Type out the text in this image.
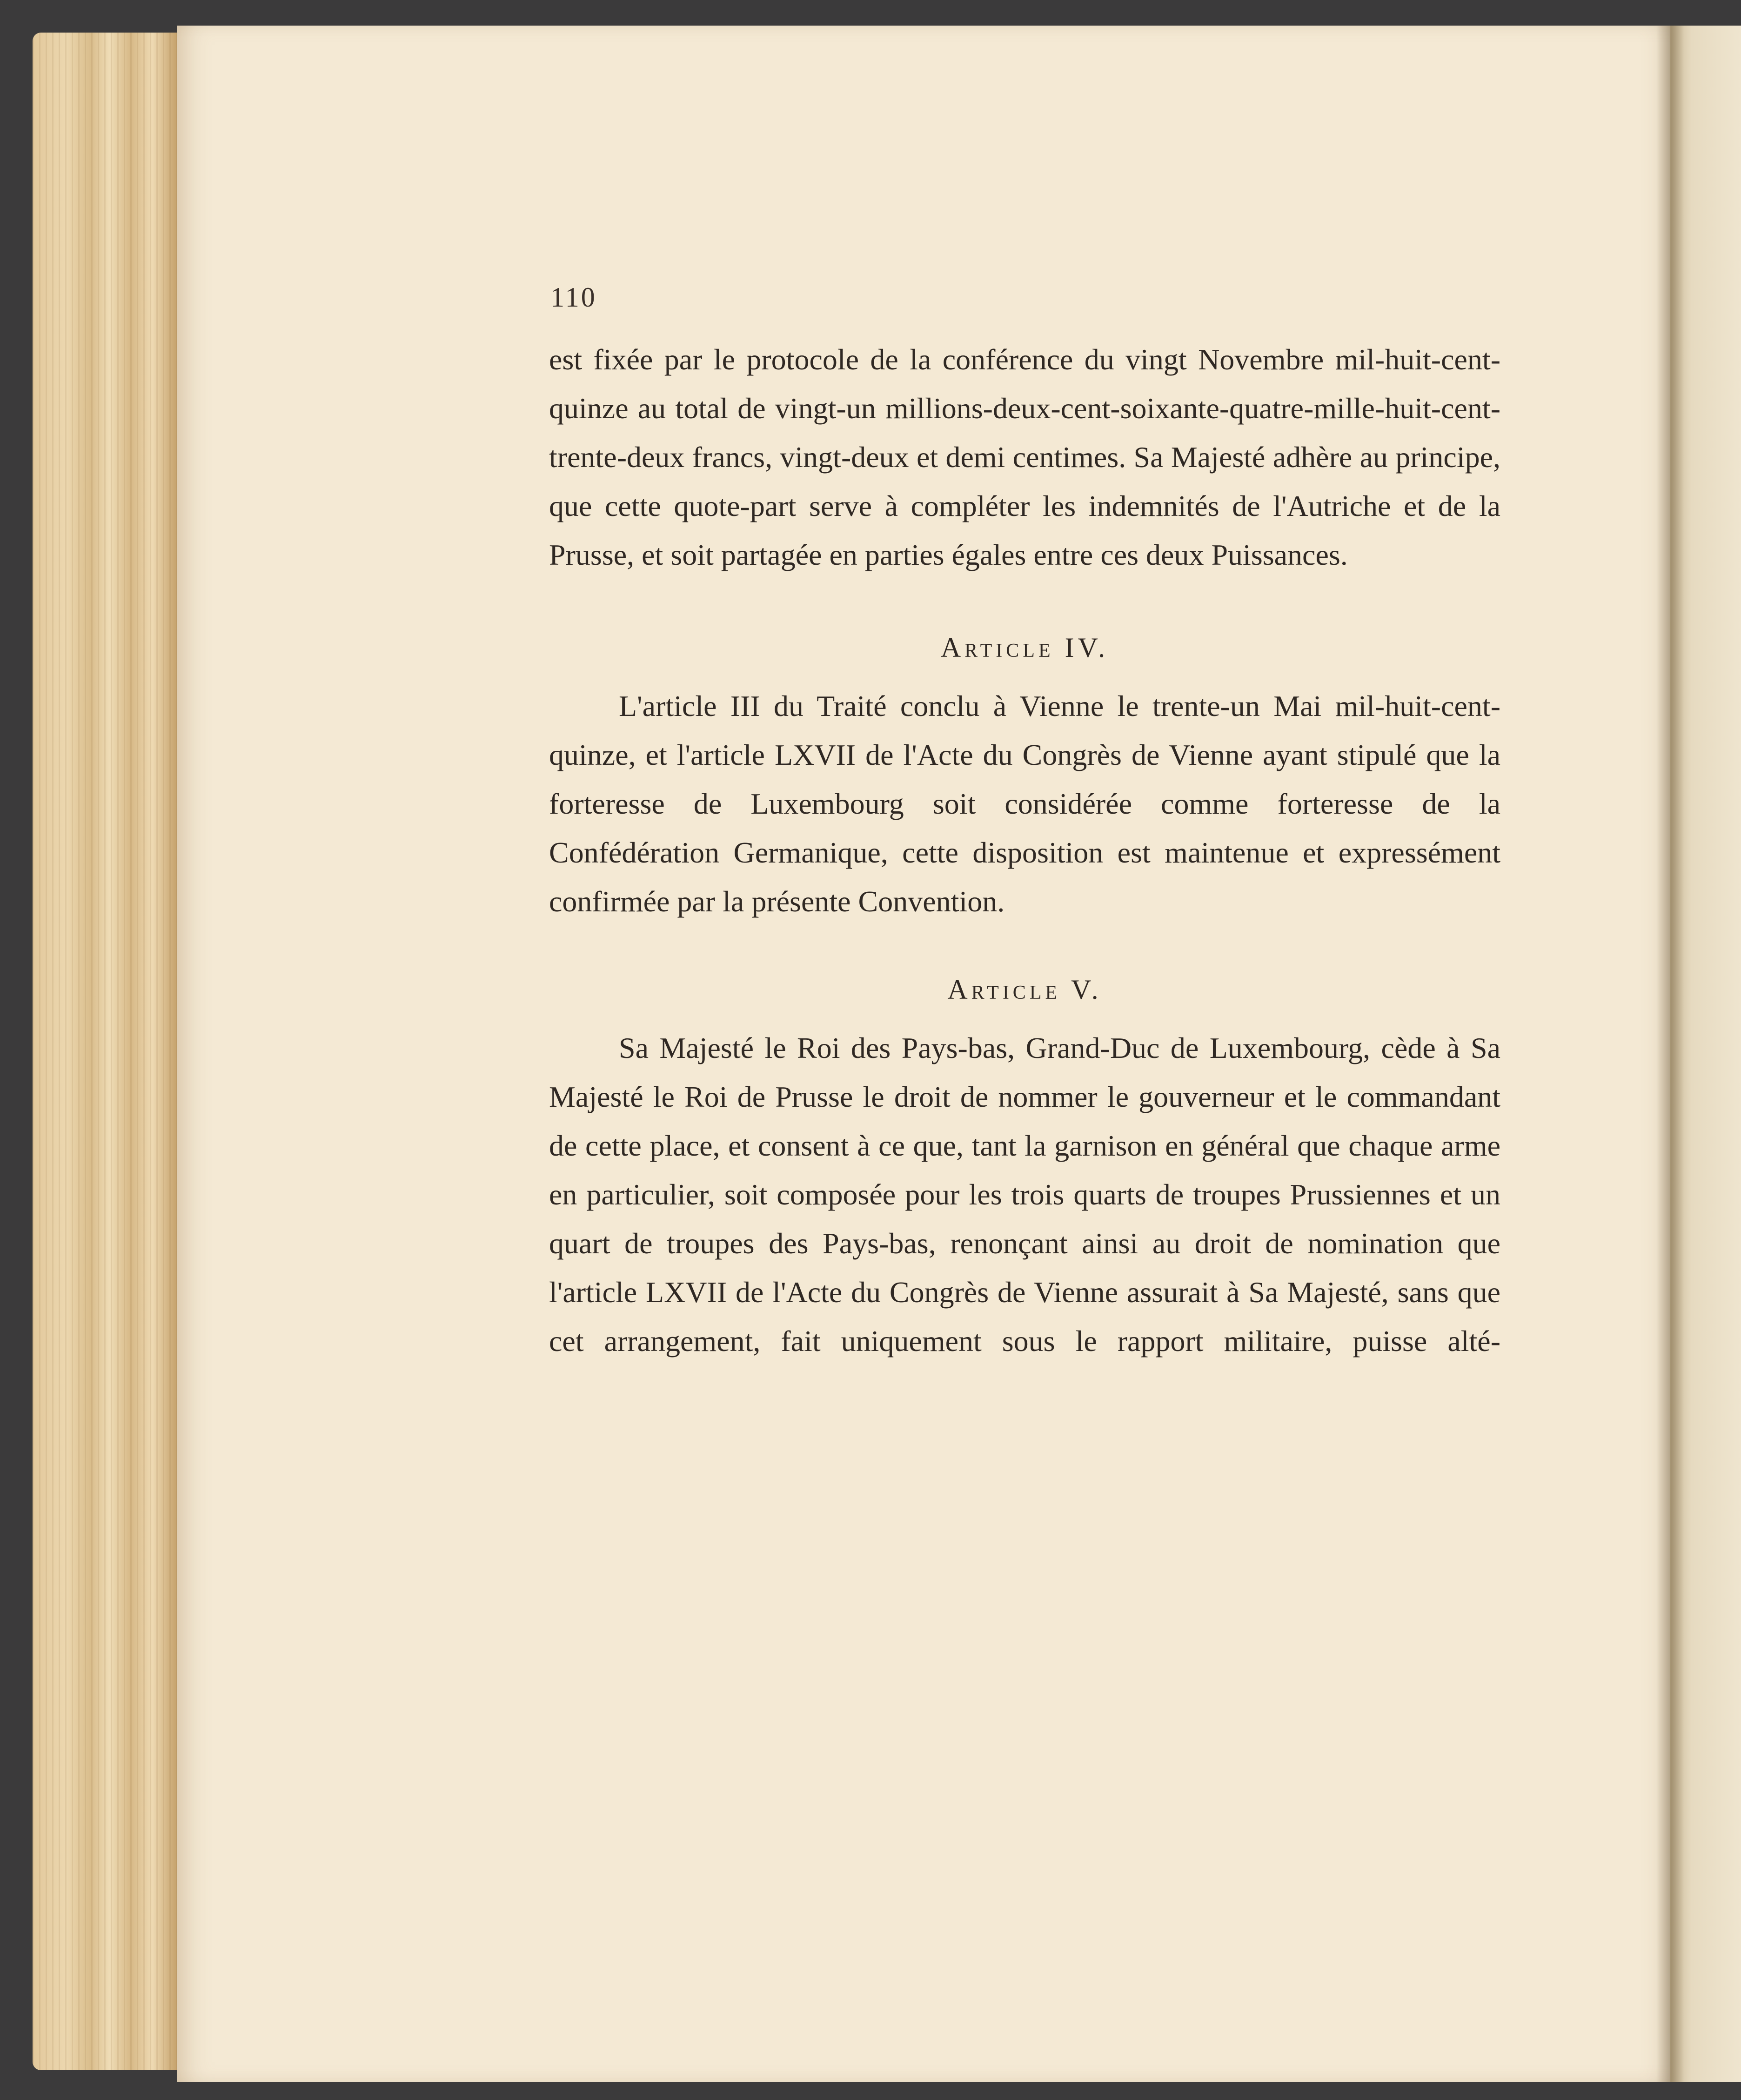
110

est fixée par le protocole de la conférence du vingt Novembre mil-huit-cent-quinze au total de vingt-un millions-deux-cent-soixante-quatre-mille-huit-cent-trente-deux francs, vingt-deux et demi centimes. Sa Majesté adhère au principe, que cette quote-part serve à compléter les indemnités de l'Autriche et de la Prusse, et soit partagée en parties égales entre ces deux Puissances.

Article IV.

L'article III du Traité conclu à Vienne le trente-un Mai mil-huit-cent-quinze, et l'article LXVII de l'Acte du Congrès de Vienne ayant stipulé que la forteresse de Luxembourg soit considérée comme forteresse de la Confédération Germanique, cette disposition est maintenue et expressément confirmée par la présente Convention.

Article V.

Sa Majesté le Roi des Pays-bas, Grand-Duc de Luxembourg, cède à Sa Majesté le Roi de Prusse le droit de nommer le gouverneur et le commandant de cette place, et consent à ce que, tant la garnison en général que chaque arme en particulier, soit composée pour les trois quarts de troupes Prussiennes et un quart de troupes des Pays-bas, renonçant ainsi au droit de nomination que l'article LXVII de l'Acte du Congrès de Vienne assurait à Sa Majesté, sans que cet arrangement, fait uniquement sous le rapport militaire, puisse alté-
